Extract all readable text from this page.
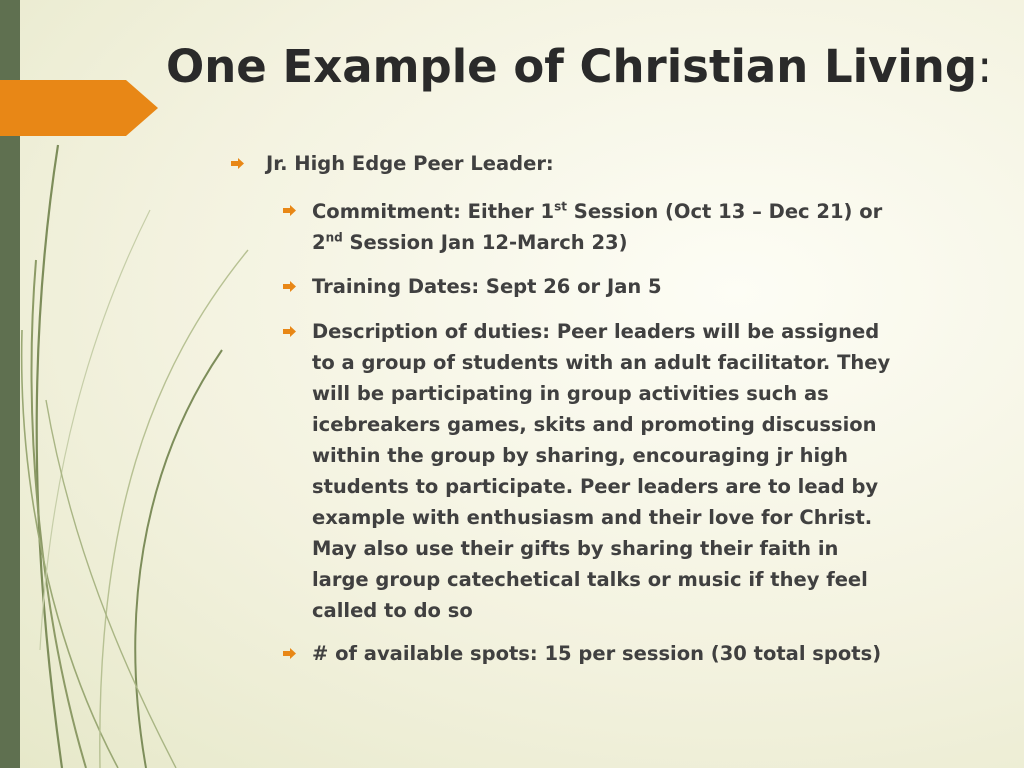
One Example of Christian Living:

Jr. High Edge Peer Leader:

Commitment: Either 1st Session (Oct 13 – Dec 21) or
2nd Session Jan 12-March 23)

Training Dates: Sept 26 or Jan 5

Description of duties: Peer leaders will be assigned
to a group of students with an adult facilitator. They
will be participating in group activities such as
icebreakers games, skits and promoting discussion
within the group by sharing, encouraging jr high
students to participate. Peer leaders are to lead by
example with enthusiasm and their love for Christ.
May also use their gifts by sharing their faith in
large group catechetical talks or music if they feel
called to do so

# of available spots: 15 per session (30 total spots)
